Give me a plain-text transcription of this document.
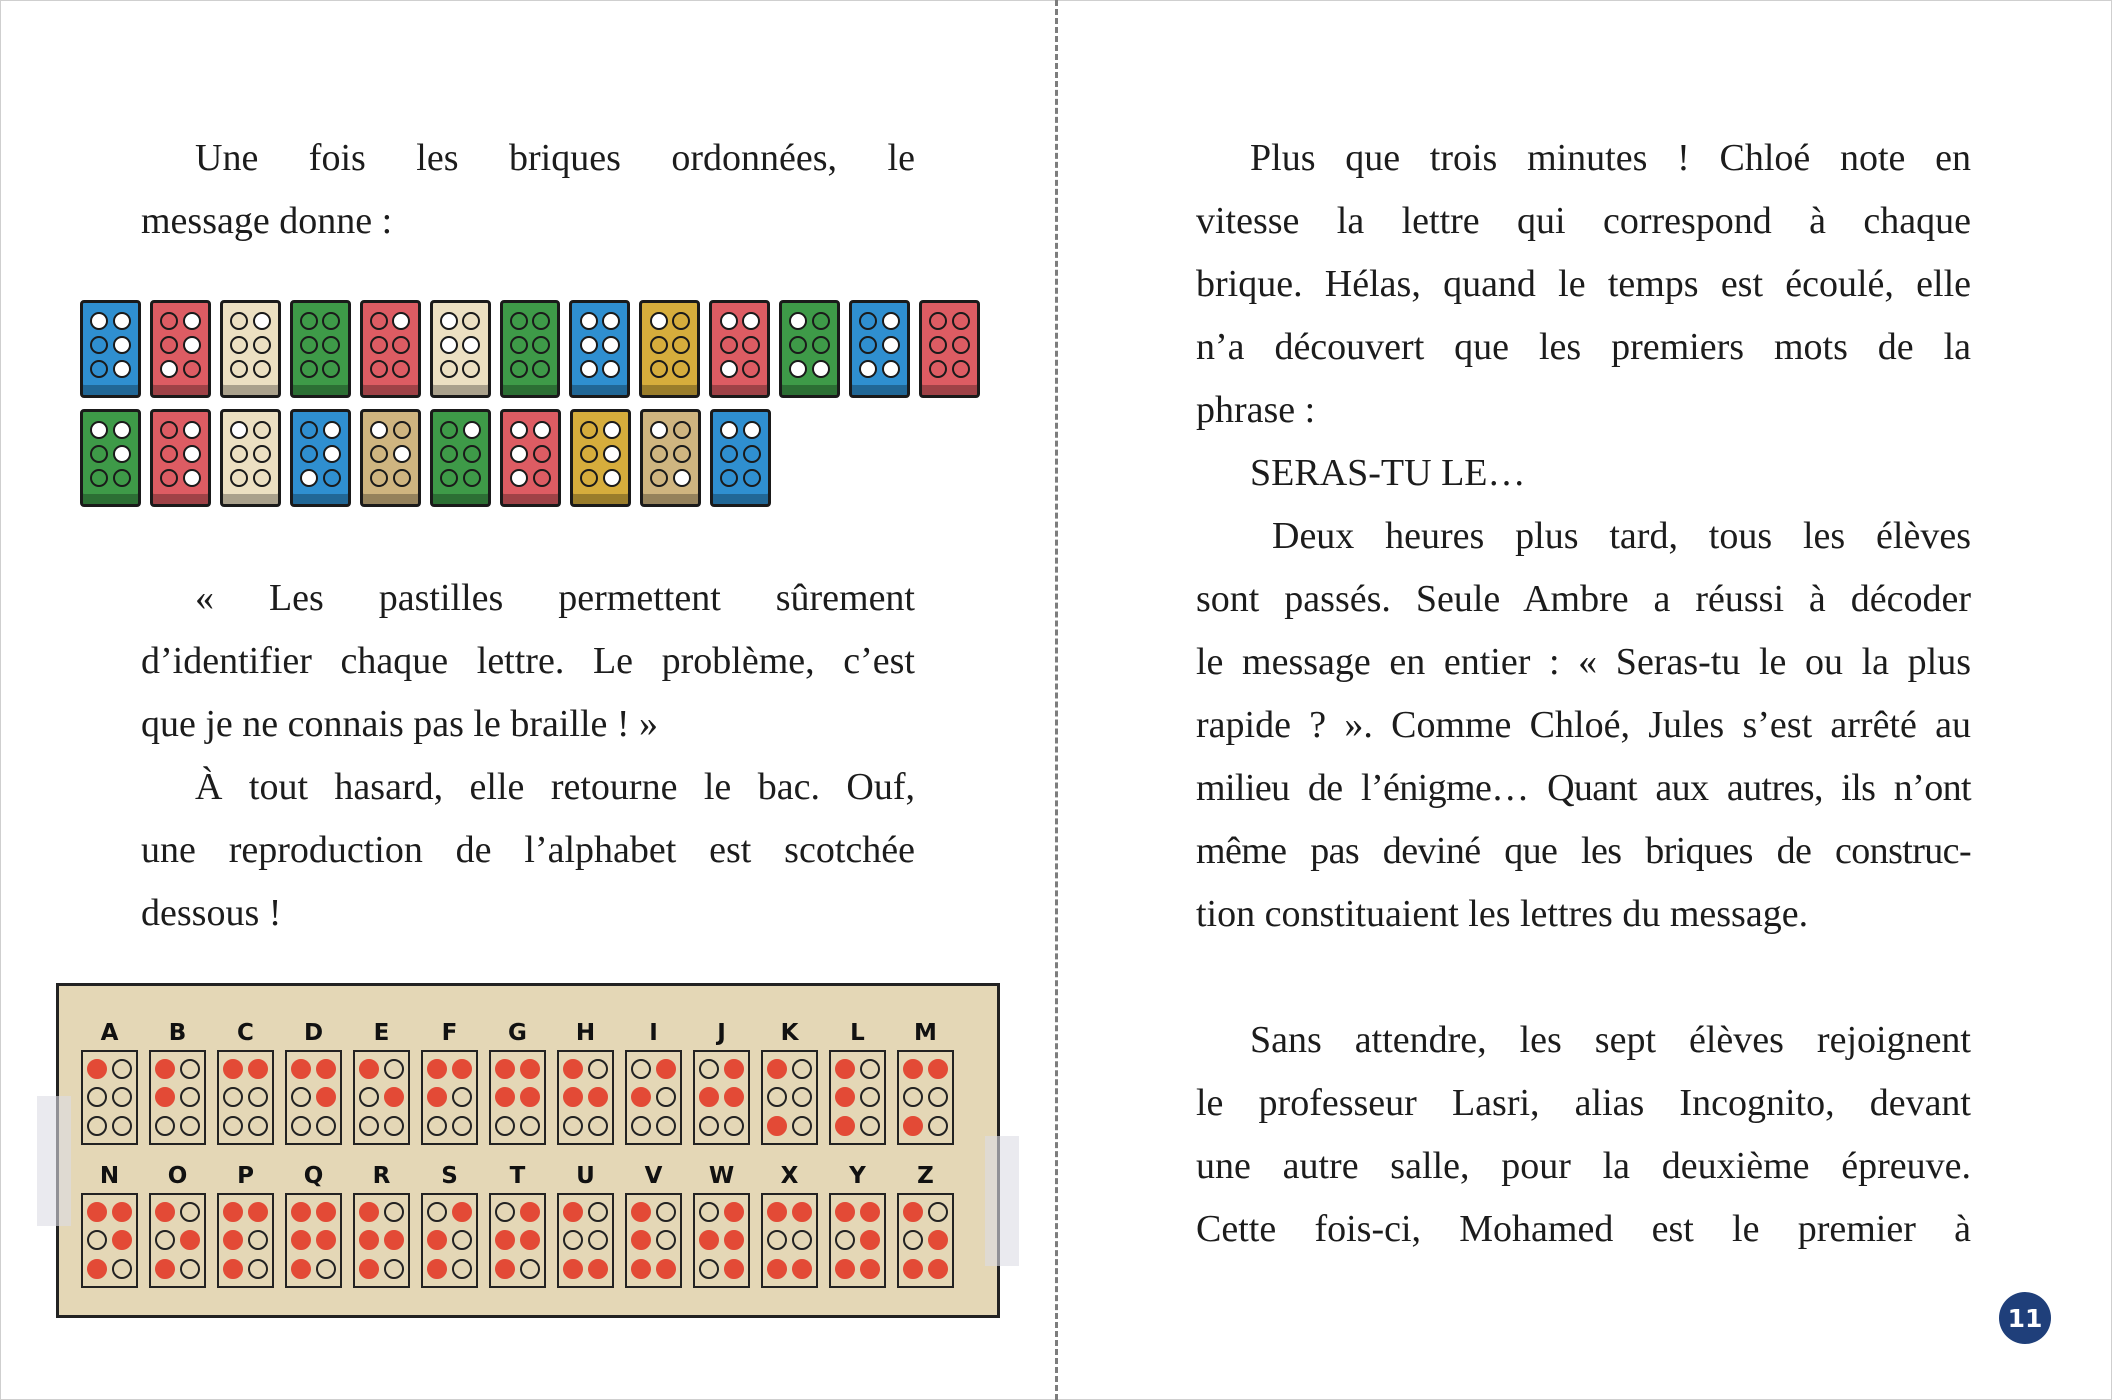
Une fois les briques ordonnées, le

message donne :

« Les pastilles permettent sûrement

d’identifier chaque lettre. Le problème, c’est

que je ne connais pas le braille ! »

À tout hasard, elle retourne le bac. Ouf,

une reproduction de l’alphabet est scotchée

dessous !

A B C D E F G H I	J K L M
N O P Q R S T U V W X Y Z

Plus que trois minutes ! Chloé note en

vitesse la lettre qui correspond à chaque

brique. Hélas, quand le temps est écoulé, elle

n’a découvert que les premiers mots de la

phrase :

SERAS-TU LE…

Deux heures plus tard, tous les élèves

sont passés. Seule Ambre a réussi à décoder

le message en entier : « Seras-tu le ou la plus

rapide ? ». Comme Chloé, Jules s’est arrêté au

milieu de l’énigme… Quant aux autres, ils n’ont

même pas deviné que les briques de construc-

tion constituaient les lettres du message.

Sans attendre, les sept élèves rejoignent

le professeur Lasri, alias Incognito, devant

une autre salle, pour la deuxième épreuve.

Cette fois-ci, Mohamed est le premier à

11
